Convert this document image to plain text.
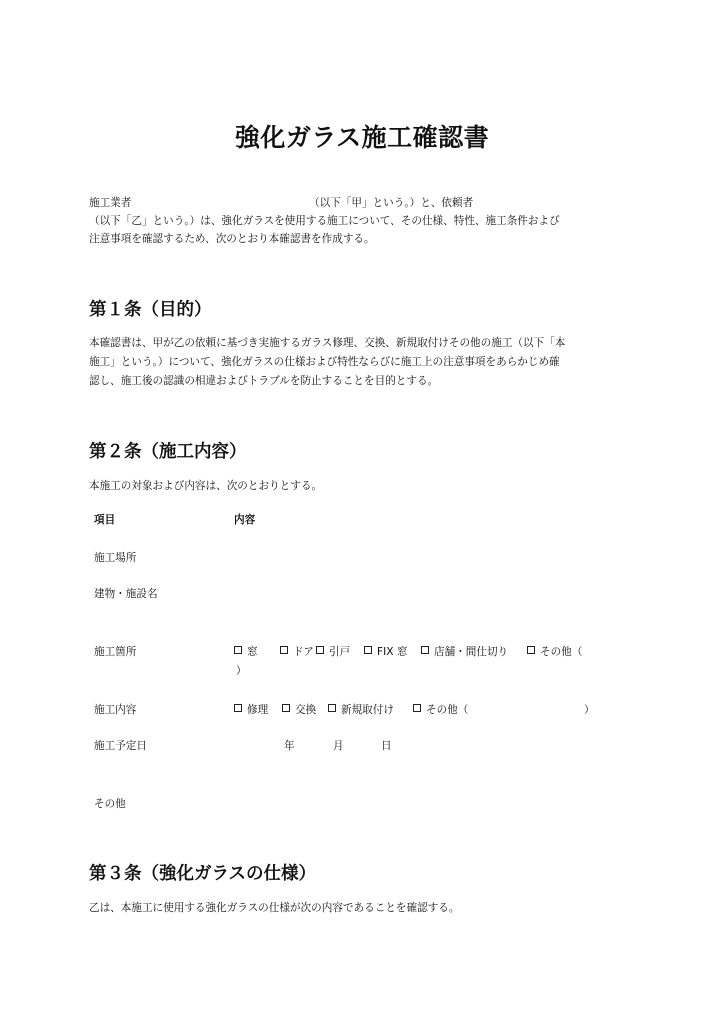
強化ガラス施工確認書
施工業者	（以下「甲」という。）と、依頼者
（以下「乙」という。）は、強化ガラスを使用する施工について、その仕様、特性、施工条件および
注意事項を確認するため、次のとおり本確認書を作成する。
第１条（目的）
本確認書は、甲が乙の依頼に基づき実施するガラス修理、交換、新規取付けその他の施工（以下「本
施工」という。）について、強化ガラスの仕様および特性ならびに施工上の注意事項をあらかじめ確
認し、施工後の認識の相違およびトラブルを防止することを目的とする。
第２条（施工内容）
本施工の対象および内容は、次のとおりとする。
項目	内容
施工場所
建物・施設名
施工箇所	窓	ドア	引戸	FIX 窓	店舗・間仕切り	その他（
）
施工内容	修理	交換	新規取付け	その他（	）
施工予定日	年	月	日
その他
第３条（強化ガラスの仕様）
乙は、本施工に使用する強化ガラスの仕様が次の内容であることを確認する。
